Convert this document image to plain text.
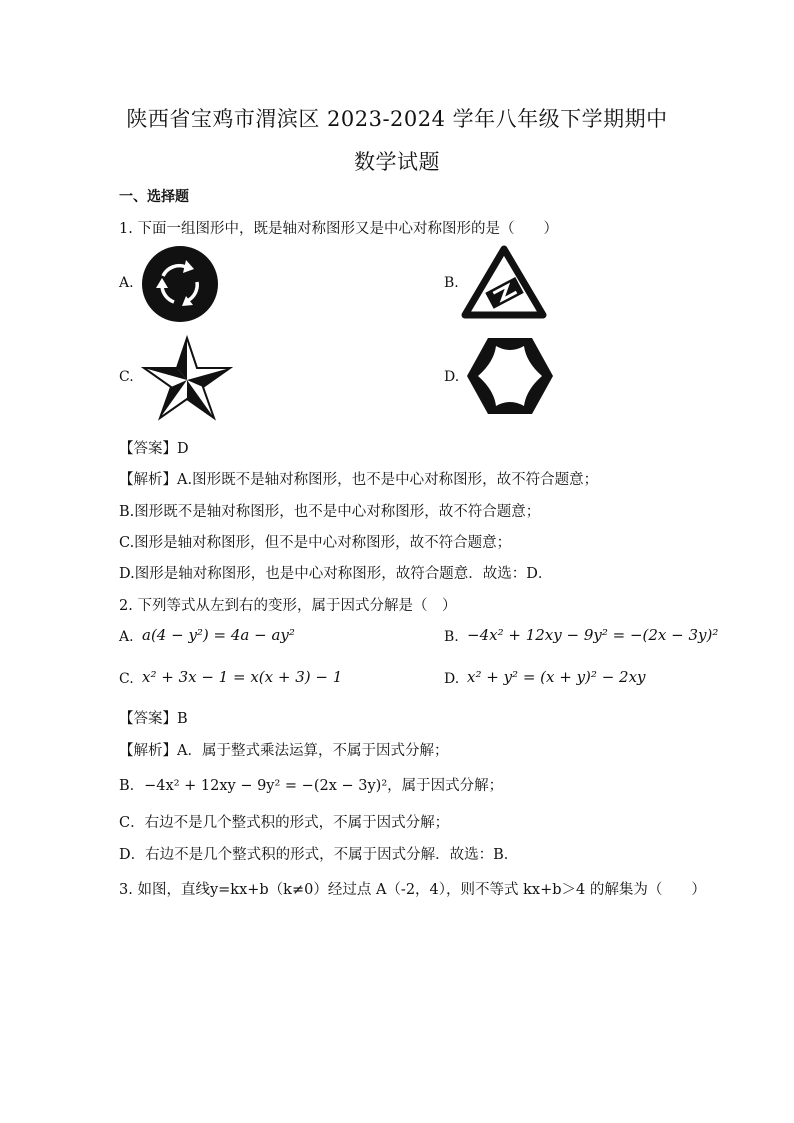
陕西省宝鸡市渭滨区 2023-2024 学年八年级下学期期中
数学试题
一、选择题
1. 下面一组图形中，既是轴对称图形又是中心对称图形的是（　　）
A.	B.
C.	D.
【答案】D
【解析】A.图形既不是轴对称图形，也不是中心对称图形，故不符合题意；
B.图形既不是轴对称图形，也不是中心对称图形，故不符合题意；
C.图形是轴对称图形，但不是中心对称图形，故不符合题意；
D.图形是轴对称图形，也是中心对称图形，故符合题意．故选：D．
2. 下列等式从左到右的变形，属于因式分解是（　）
A. a(4 − y²) = 4a − ay²	B. −4x² + 12xy − 9y² = −(2x − 3y)²
C. x² + 3x − 1 = x(x + 3) − 1	D. x² + y² = (x + y)² − 2xy
【答案】B
【解析】A．属于整式乘法运算，不属于因式分解；
B．−4x² + 12xy − 9y² = −(2x − 3y)²，属于因式分解；
C．右边不是几个整式积的形式，不属于因式分解；
D．右边不是几个整式积的形式，不属于因式分解．故选：B．
3. 如图，直线y=kx+b（k≠0）经过点 A（-2，4），则不等式 kx+b＞4 的解集为（　　）
